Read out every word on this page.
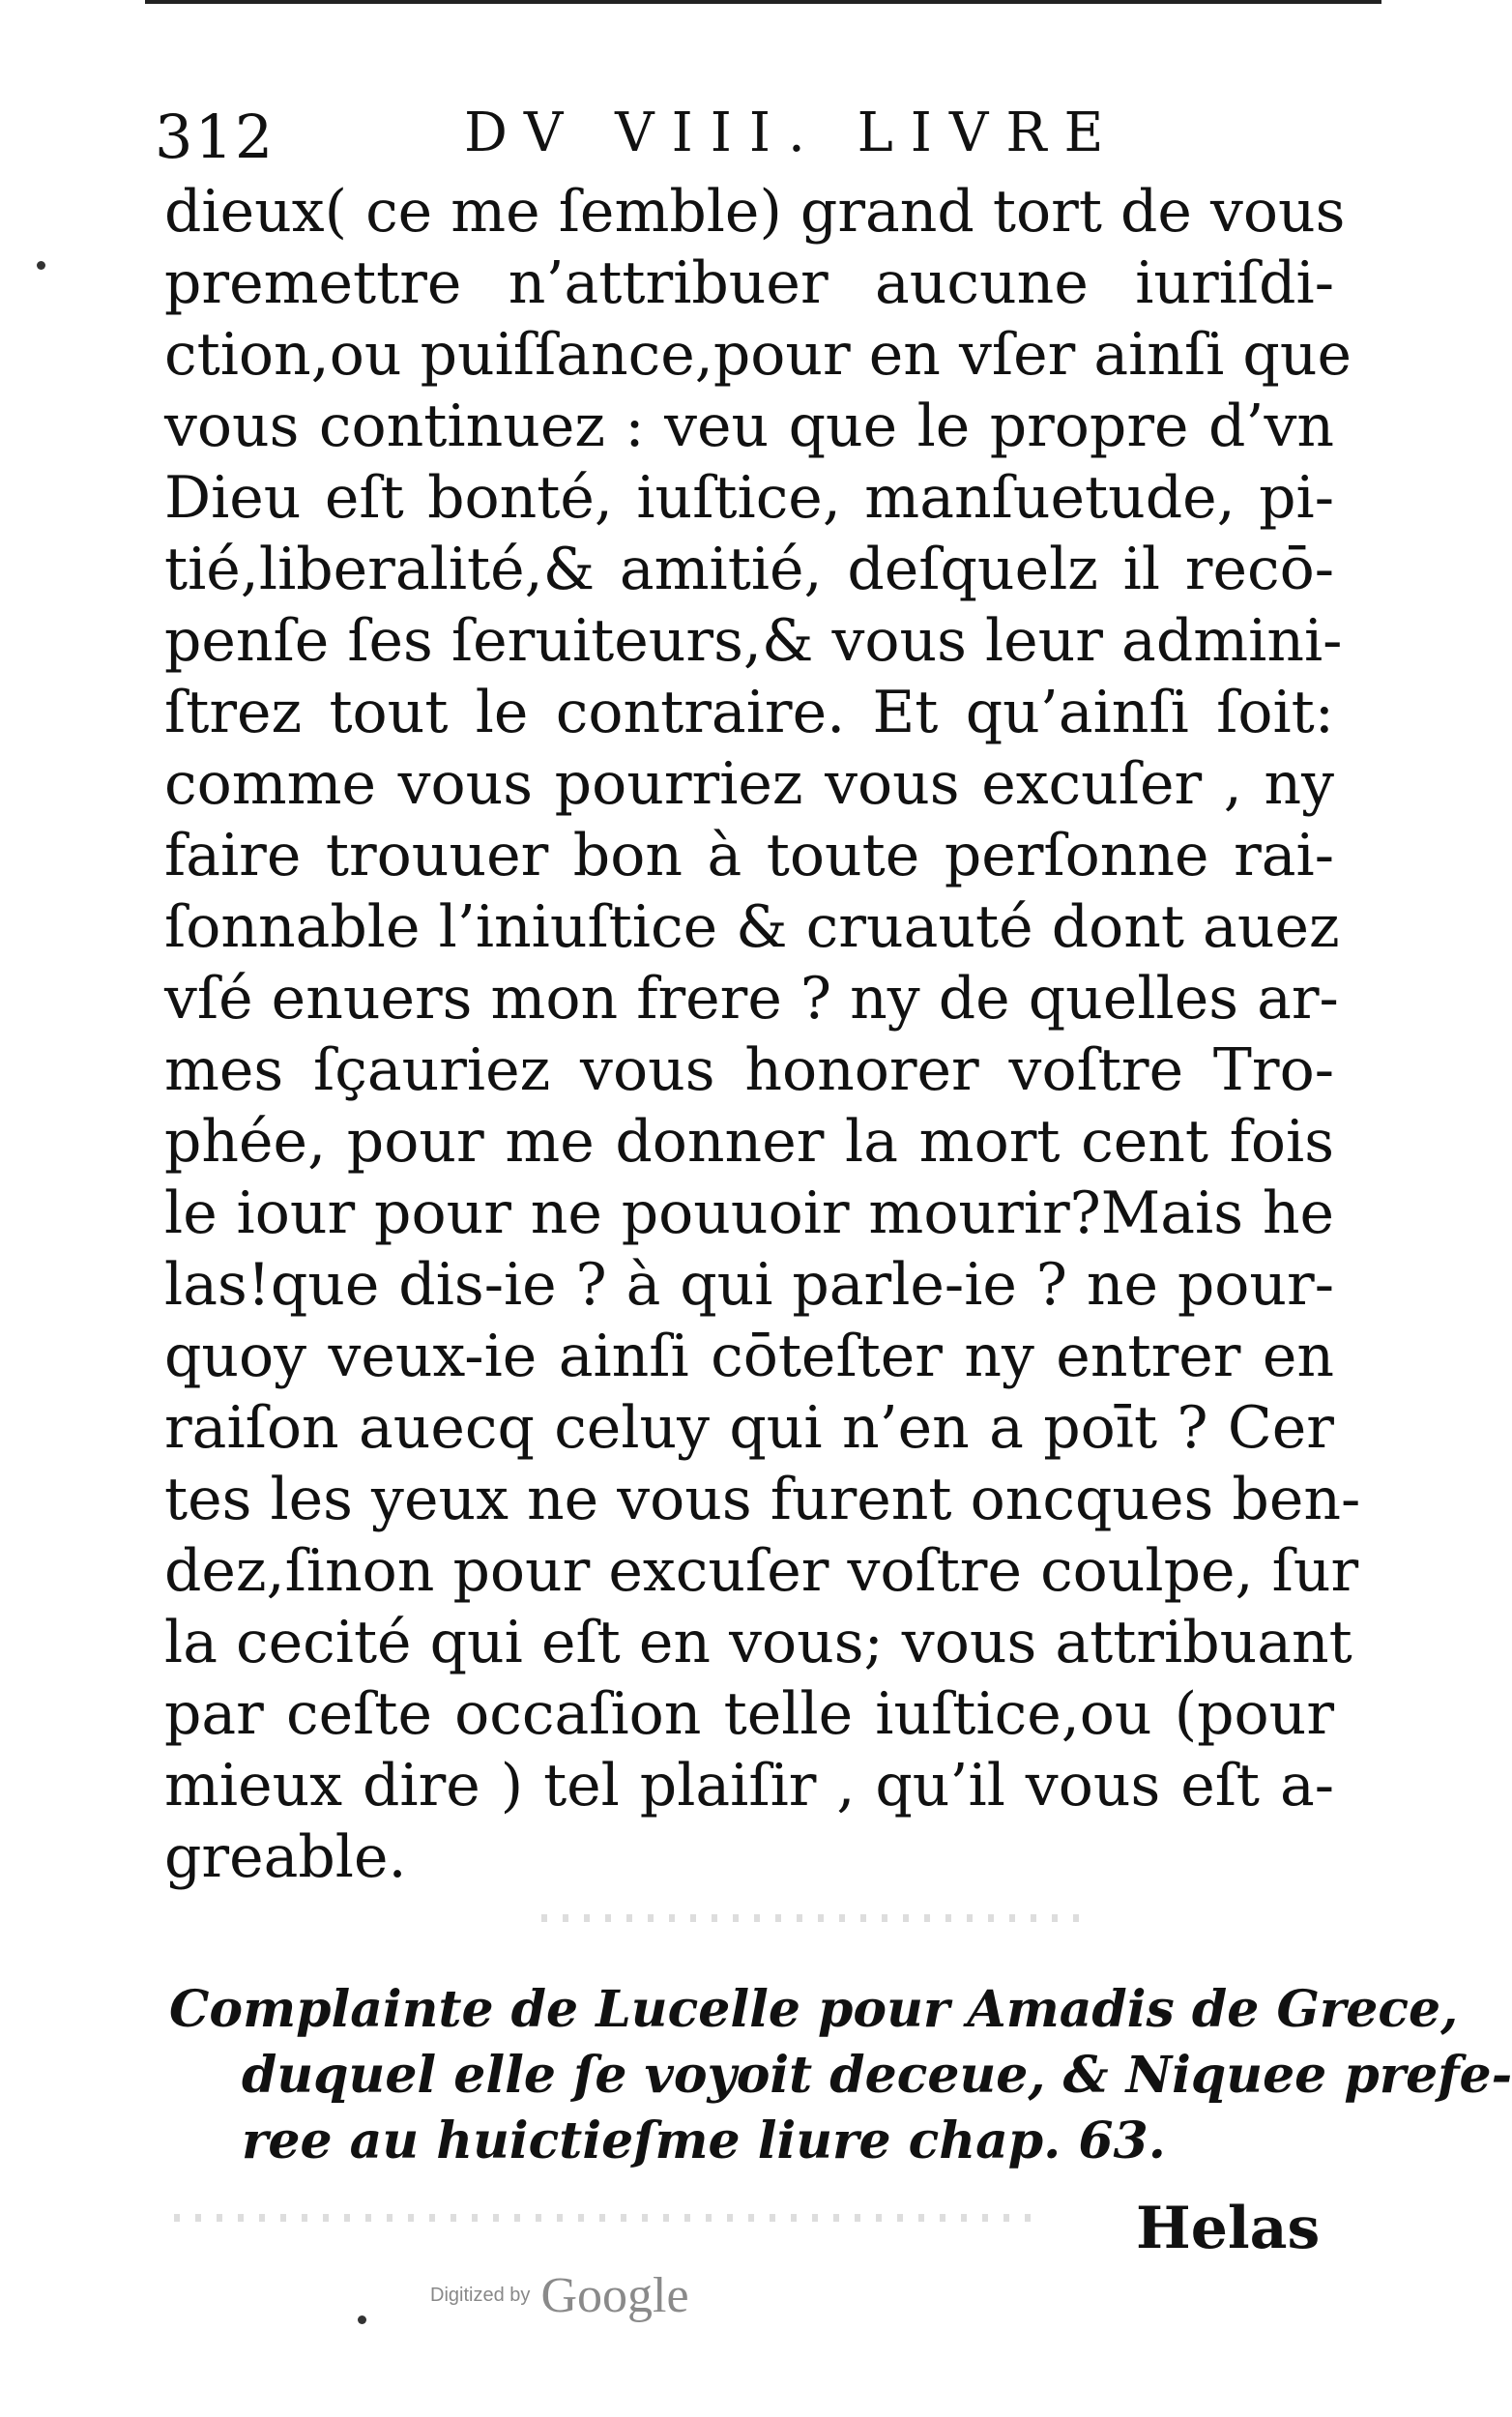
312	DV VIII. LIVRE
dieux( ce me ſemble) grand tort de vous
premettre n’attribuer aucune iuriſdi-
ction,ou puiſſance,pour en vſer ainſi que
vous continuez : veu que le propre d’vn
Dieu eſt bonté, iuſtice, manſuetude, pi-
tié,liberalité,& amitié, deſquelz il recō-
penſe ſes ſeruiteurs,& vous leur admini-
ſtrez tout le contraire. Et qu’ainſi ſoit:
comme vous pourriez vous excuſer , ny
faire trouuer bon à toute perſonne rai-
ſonnable l’iniuſtice & cruauté dont auez
vſé enuers mon frere ? ny de quelles ar-
mes ſçauriez vous honorer voſtre Tro-
phée, pour me donner la mort cent fois
le iour pour ne pouuoir mourir?Mais he
las!que dis-ie ? à qui parle-ie ? ne pour-
quoy veux-ie ainſi cōteſter ny entrer en
raiſon auecq celuy qui n’en a poīt ? Cer
tes les yeux ne vous furent oncques ben-
dez,ſinon pour excuſer voſtre coulpe, ſur
la cecité qui eſt en vous; vous attribuant
par ceſte occaſion telle iuſtice,ou (pour
mieux dire ) tel plaiſir , qu’il vous eſt a-
greable.
Complainte de Lucelle pour Amadis de Grece,
duquel elle ſe voyoit deceue, & Niquee prefe-
ree au huictieſme liure chap. 63.
Helas
Digitized by Google
